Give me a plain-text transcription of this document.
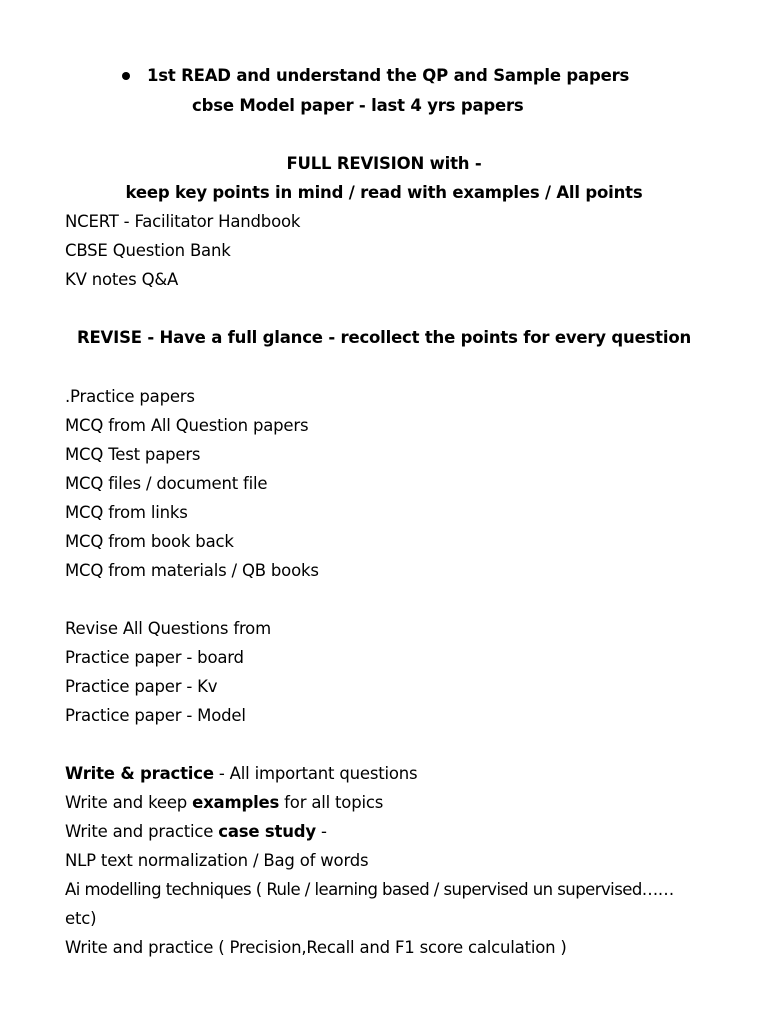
1st READ and understand the QP and Sample papers
cbse Model paper - last 4 yrs papers
FULL REVISION with -
keep key points in mind / read with examples / All points
NCERT - Facilitator Handbook
CBSE Question Bank
KV notes Q&A
REVISE - Have a full glance - recollect the points for every question
.Practice papers
MCQ from All Question papers
MCQ Test papers
MCQ files / document file
MCQ from links
MCQ from book back
MCQ from materials / QB books
Revise All Questions from
Practice paper - board
Practice paper - Kv
Practice paper - Model
Write & practice - All important questions
Write and keep examples for all topics
Write and practice case study -
NLP text normalization / Bag of words
Ai modelling techniques ( Rule / learning based / supervised un supervised……
etc)
Write and practice ( Precision,Recall and F1 score calculation )
